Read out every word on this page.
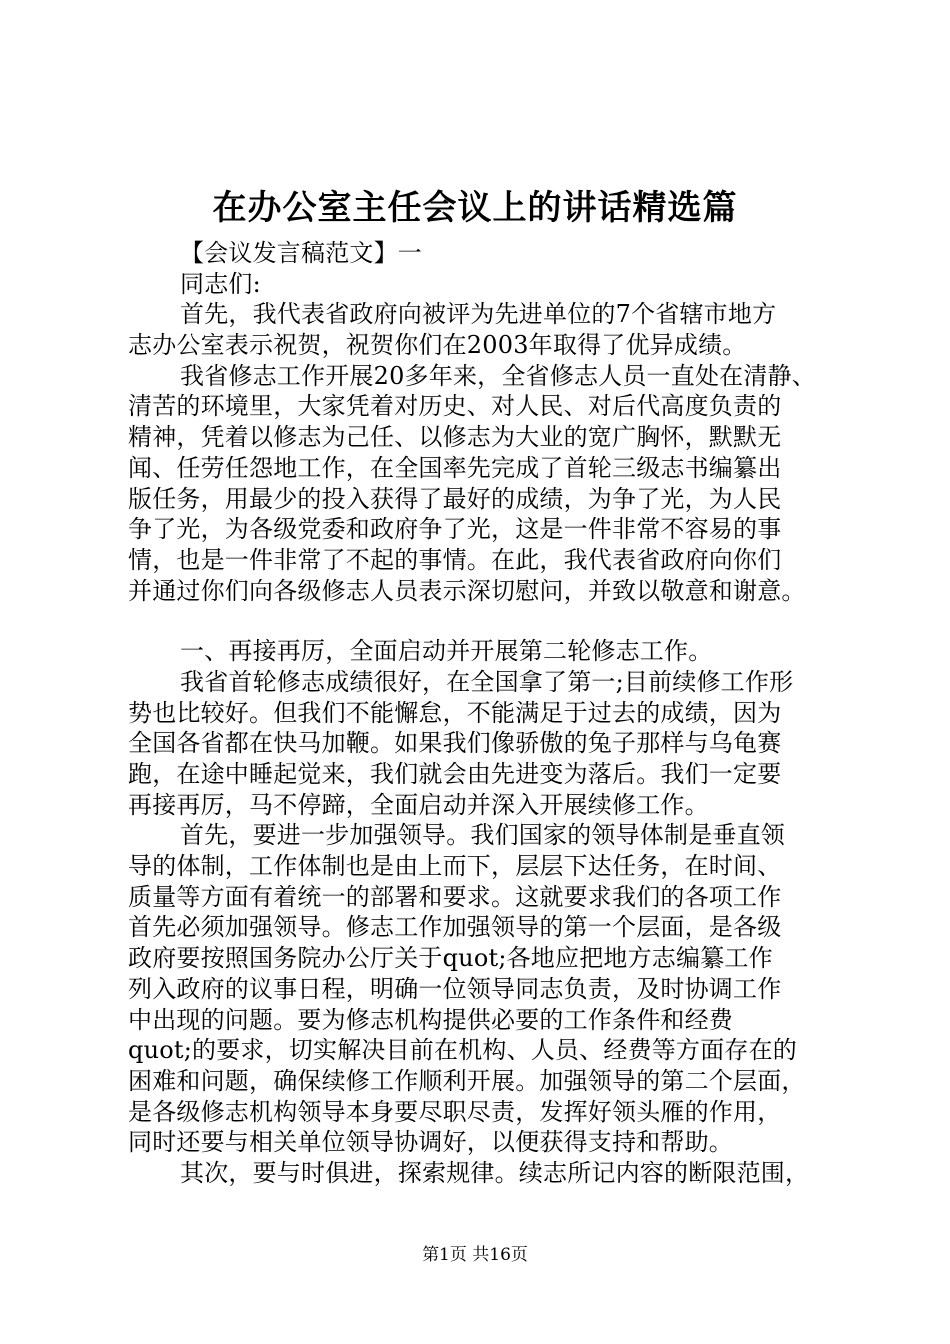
在办公室主任会议上的讲话精选篇
【会议发言稿范文】一
同志们:
首先，我代表省政府向被评为先进单位的7个省辖市地方
志办公室表示祝贺，祝贺你们在2003年取得了优异成绩。
我省修志工作开展20多年来，全省修志人员一直处在清静、
清苦的环境里，大家凭着对历史、对人民、对后代高度负责的
精神，凭着以修志为己任、以修志为大业的宽广胸怀，默默无
闻、任劳任怨地工作，在全国率先完成了首轮三级志书编纂出
版任务，用最少的投入获得了最好的成绩，为争了光，为人民
争了光，为各级党委和政府争了光，这是一件非常不容易的事
情，也是一件非常了不起的事情。在此，我代表省政府向你们
并通过你们向各级修志人员表示深切慰问，并致以敬意和谢意。
一、再接再厉，全面启动并开展第二轮修志工作。
我省首轮修志成绩很好，在全国拿了第一;目前续修工作形
势也比较好。但我们不能懈怠，不能满足于过去的成绩，因为
全国各省都在快马加鞭。如果我们像骄傲的兔子那样与乌龟赛
跑，在途中睡起觉来，我们就会由先进变为落后。我们一定要
再接再厉，马不停蹄，全面启动并深入开展续修工作。
首先，要进一步加强领导。我们国家的领导体制是垂直领
导的体制，工作体制也是由上而下，层层下达任务，在时间、
质量等方面有着统一的部署和要求。这就要求我们的各项工作
首先必须加强领导。修志工作加强领导的第一个层面，是各级
政府要按照国务院办公厅关于quot;各地应把地方志编纂工作
列入政府的议事日程，明确一位领导同志负责，及时协调工作
中出现的问题。要为修志机构提供必要的工作条件和经费
quot;的要求，切实解决目前在机构、人员、经费等方面存在的
困难和问题，确保续修工作顺利开展。加强领导的第二个层面，
是各级修志机构领导本身要尽职尽责，发挥好领头雁的作用，
同时还要与相关单位领导协调好，以便获得支持和帮助。
其次，要与时俱进，探索规律。续志所记内容的断限范围，
第1页 共16页
